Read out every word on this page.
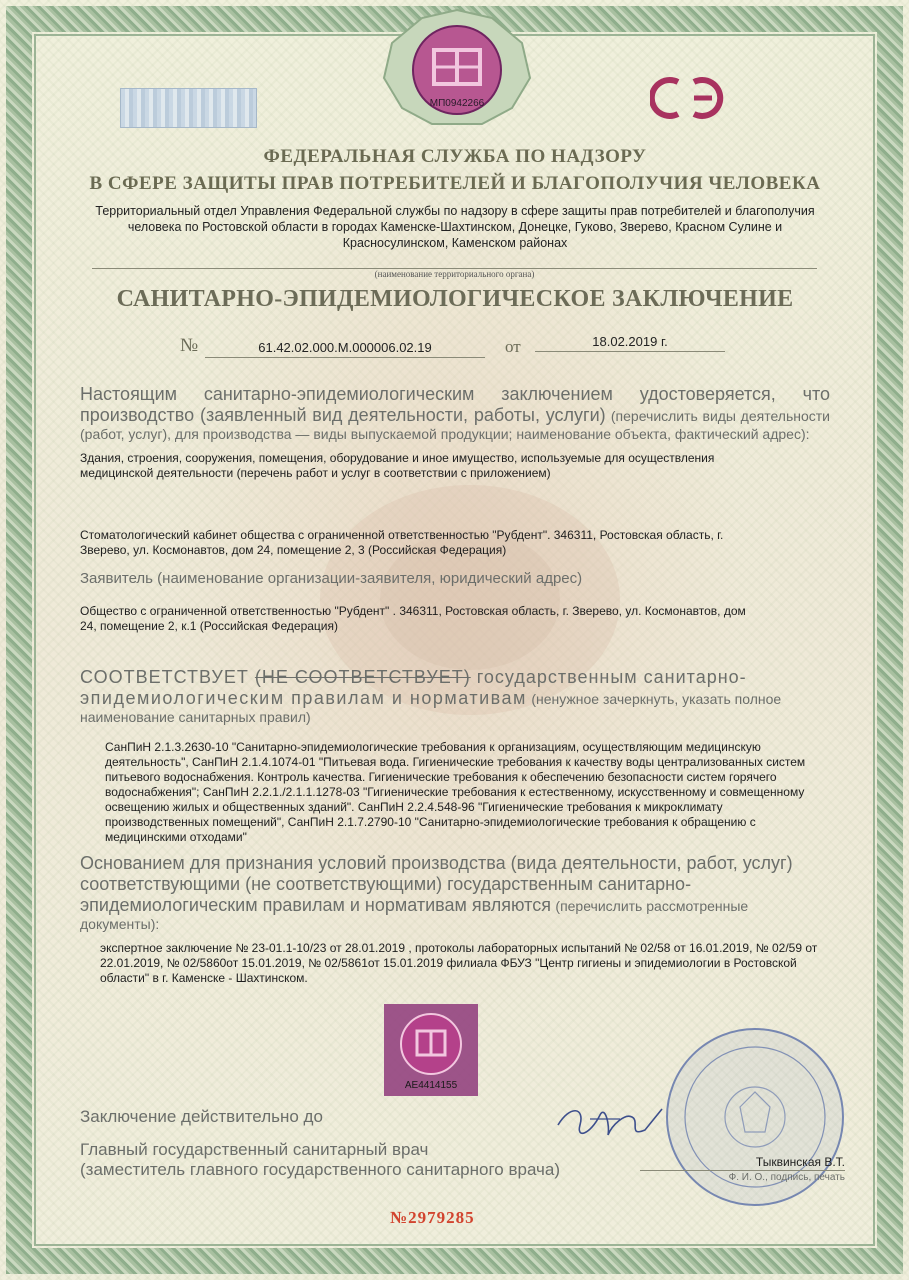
МП0942266
ФЕДЕРАЛЬНАЯ СЛУЖБА ПО НАДЗОРУ
В СФЕРЕ ЗАЩИТЫ ПРАВ ПОТРЕБИТЕЛЕЙ И БЛАГОПОЛУЧИЯ ЧЕЛОВЕКА
Территориальный отдел Управления Федеральной службы по надзору в сфере защиты прав потребителей и благополучия
человека по Ростовской области в городах Каменске-Шахтинском, Донецке, Гуково, Зверево, Красном Сулине и
Красносулинском, Каменском районах
(наименование территориального органа)
САНИТАРНО-ЭПИДЕМИОЛОГИЧЕСКОЕ ЗАКЛЮЧЕНИЕ
№	61.42.02.000.М.000006.02.19	от	18.02.2019 г.
Настоящим санитарно-эпидемиологическим заключением удостоверяется, что производство (заявленный вид деятельности, работы, услуги) (перечислить виды деятельности (работ, услуг), для производства — виды выпускаемой продукции; наименование объекта, фактический адрес):
Здания, строения, сооружения, помещения, оборудование и иное имущество, используемые для осуществления
медицинской деятельности (перечень работ и услуг в соответствии с приложением)
Стоматологический кабинет общества с ограниченной ответственностью "Рубдент". 346311, Ростовская область, г.
Зверево, ул. Космонавтов, дом 24, помещение 2, 3 (Российская Федерация)
Заявитель (наименование организации-заявителя, юридический адрес)
Общество с ограниченной ответственностью "Рубдент" . 346311, Ростовская область, г. Зверево, ул. Космонавтов, дом
24, помещение 2, к.1 (Российская Федерация)
СООТВЕТСТВУЕТ (НЕ СООТВЕТСТВУЕТ) государственным санитарно-
эпидемиологическим правилам и нормативам (ненужное зачеркнуть, указать полное наименование санитарных правил)
СанПиН 2.1.3.2630-10 "Санитарно-эпидемиологические требования к организациям, осуществляющим медицинскую деятельность", СанПиН 2.1.4.1074-01 "Питьевая вода. Гигиенические требования к качеству воды централизованных систем питьевого водоснабжения. Контроль качества. Гигиенические требования к обеспечению безопасности систем горячего водоснабжения"; СанПиН 2.2.1./2.1.1.1278-03 "Гигиенические требования к естественному, искусственному и совмещенному освещению жилых и общественных зданий". СанПиН 2.2.4.548-96 "Гигиенические требования к микроклимату производственных помещений", СанПиН 2.1.7.2790-10 "Санитарно-эпидемиологические требования к обращению с медицинскими отходами"
Основанием для признания условий производства (вида деятельности, работ, услуг) соответствующими (не соответствующими) государственным санитарно-эпидемиологическим правилам и нормативам являются (перечислить рассмотренные документы):
экспертное заключение № 23-01.1-10/23 от 28.01.2019 , протоколы лабораторных испытаний № 02/58 от 16.01.2019, № 02/59 от 22.01.2019, № 02/5860от 15.01.2019, № 02/5861от 15.01.2019 филиала ФБУЗ "Центр гигиены и эпидемиологии в Ростовской области" в г. Каменске - Шахтинском.
AE4414155
Заключение действительно до
Главный государственный санитарный врач
(заместитель главного государственного санитарного врача)	Тыквинская В.Т.
Ф. И. О., подпись, печать
№2979285
